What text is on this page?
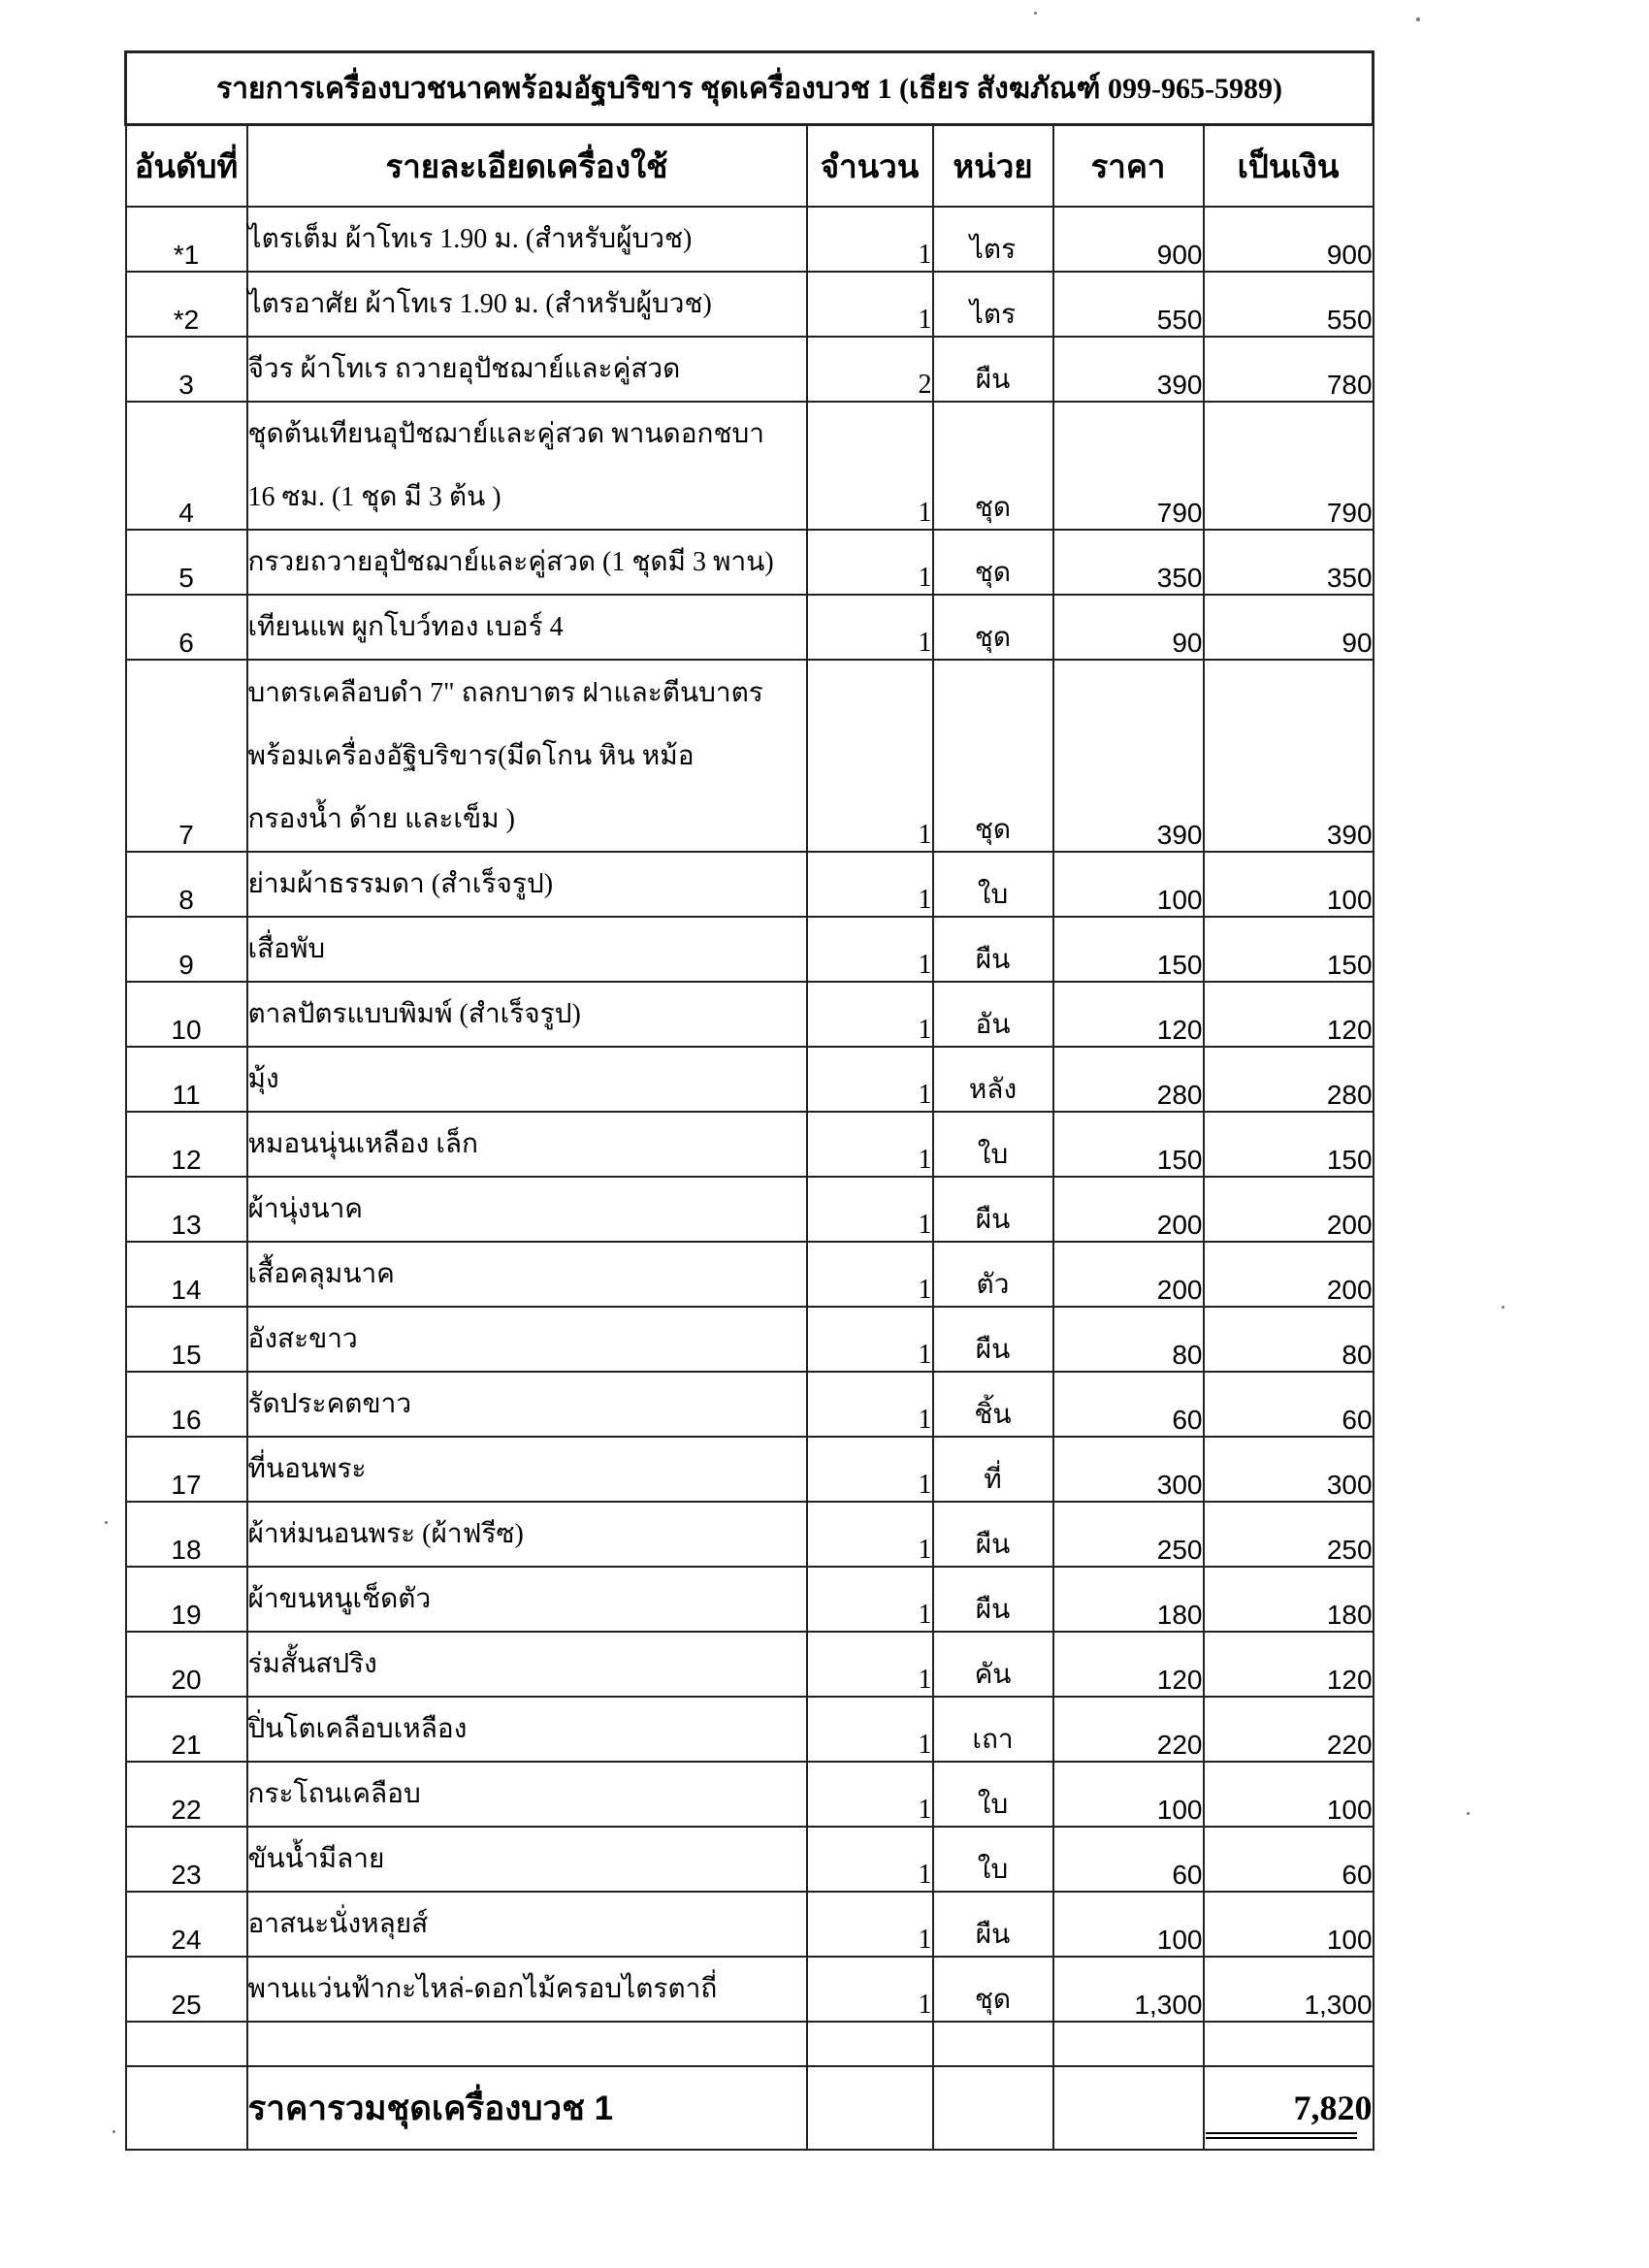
รายการเครื่องบวชนาคพร้อมอัฐบริขาร ชุดเครื่องบวช 1 (เธียร สังฆภัณฑ์ 099-965-5989)					
อันดับที่	รายละเอียดเครื่องใช้	จำนวน	หน่วย	ราคา	เป็นเงิน
*1	ไตรเต็ม ผ้าโทเร 1.90 ม. (สำหรับผู้บวช)	1	ไตร	900	900
*2	ไตรอาศัย ผ้าโทเร 1.90 ม. (สำหรับผู้บวช)	1	ไตร	550	550
3	จีวร ผ้าโทเร ถวายอุปัชฌาย์และคู่สวด	2	ผืน	390	780
4	ชุดต้นเทียนอุปัชฌาย์และคู่สวด พานดอกชบา
16 ซม. (1 ชุด มี 3 ต้น )	1	ชุด	790	790
5	กรวยถวายอุปัชฌาย์และคู่สวด (1 ชุดมี 3 พาน)	1	ชุด	350	350
6	เทียนแพ ผูกโบว์ทอง เบอร์ 4	1	ชุด	90	90
7	บาตรเคลือบดำ 7" ถลกบาตร ฝาและตีนบาตร
พร้อมเครื่องอัฐิบริขาร(มีดโกน หิน หม้อ
กรองน้ำ ด้าย และเข็ม )	1	ชุด	390	390
8	ย่ามผ้าธรรมดา (สำเร็จรูป)	1	ใบ	100	100
9	เสื่อพับ	1	ผืน	150	150
10	ตาลปัตรแบบพิมพ์ (สำเร็จรูป)	1	อัน	120	120
11	มุ้ง	1	หลัง	280	280
12	หมอนนุ่นเหลือง เล็ก	1	ใบ	150	150
13	ผ้านุ่งนาค	1	ผืน	200	200
14	เสื้อคลุมนาค	1	ตัว	200	200
15	อังสะขาว	1	ผืน	80	80
16	รัดประคตขาว	1	ชิ้น	60	60
17	ที่นอนพระ	1	ที่	300	300
18	ผ้าห่มนอนพระ (ผ้าฟรีซ)	1	ผืน	250	250
19	ผ้าขนหนูเช็ดตัว	1	ผืน	180	180
20	ร่มสั้นสปริง	1	คัน	120	120
21	ปิ่นโตเคลือบเหลือง	1	เถา	220	220
22	กระโถนเคลือบ	1	ใบ	100	100
23	ขันน้ำมีลาย	1	ใบ	60	60
24	อาสนะนั่งหลุยส์	1	ผืน	100	100
25	พานแว่นฟ้ากะไหล่-ดอกไม้ครอบไตรตาถี่	1	ชุด	1,300	1,300

	ราคารวมชุดเครื่องบวช 1				7,820
